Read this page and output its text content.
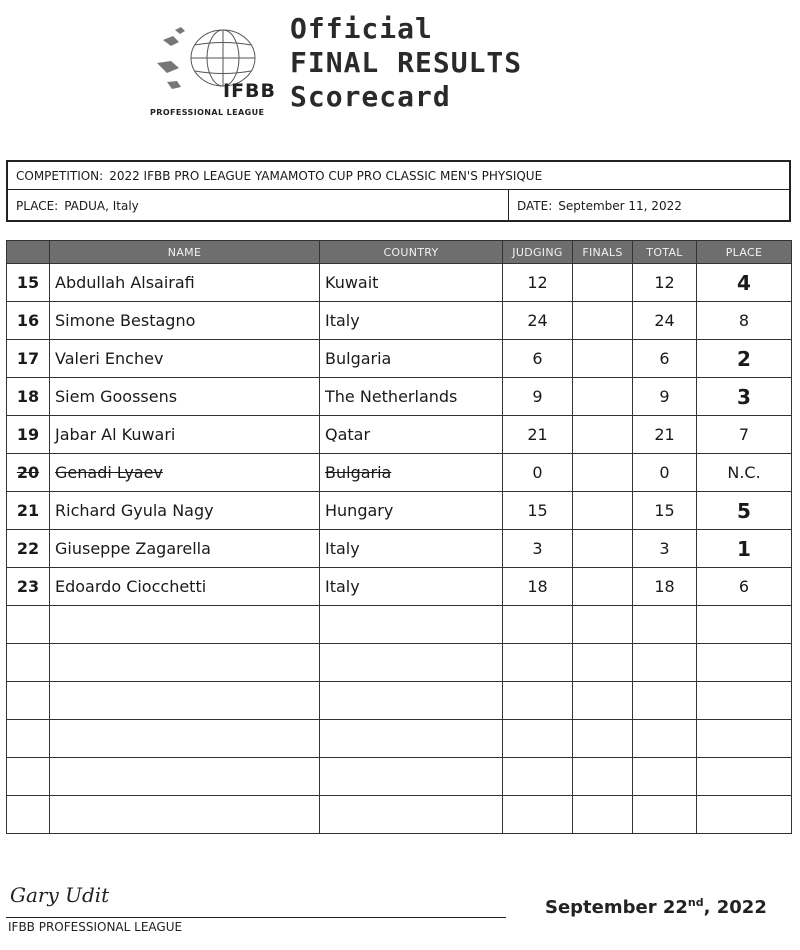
IFBB
PROFESSIONAL LEAGUE
Official
FINAL RESULTS
Scorecard
COMPETITION: 2022 IFBB PRO LEAGUE YAMAMOTO CUP PRO CLASSIC MEN'S PHYSIQUE
PLACE: PADUA, Italy	DATE: September 11, 2022
	NAME	COUNTRY	JUDGING	FINALS	TOTAL	PLACE
15	Abdullah Alsairafi	Kuwait	12		12	4
16	Simone Bestagno	Italy	24		24	8
17	Valeri Enchev	Bulgaria	6		6	2
18	Siem Goossens	The Netherlands	9		9	3
19	Jabar Al Kuwari	Qatar	21		21	7
20	Genadi Lyaev	Bulgaria	0		0	N.C.
21	Richard Gyula Nagy	Hungary	15		15	5
22	Giuseppe Zagarella	Italy	3		3	1
23	Edoardo Ciocchetti	Italy	18		18	6

Gary Udit
IFBB PROFESSIONAL LEAGUE
September 22nd, 2022
